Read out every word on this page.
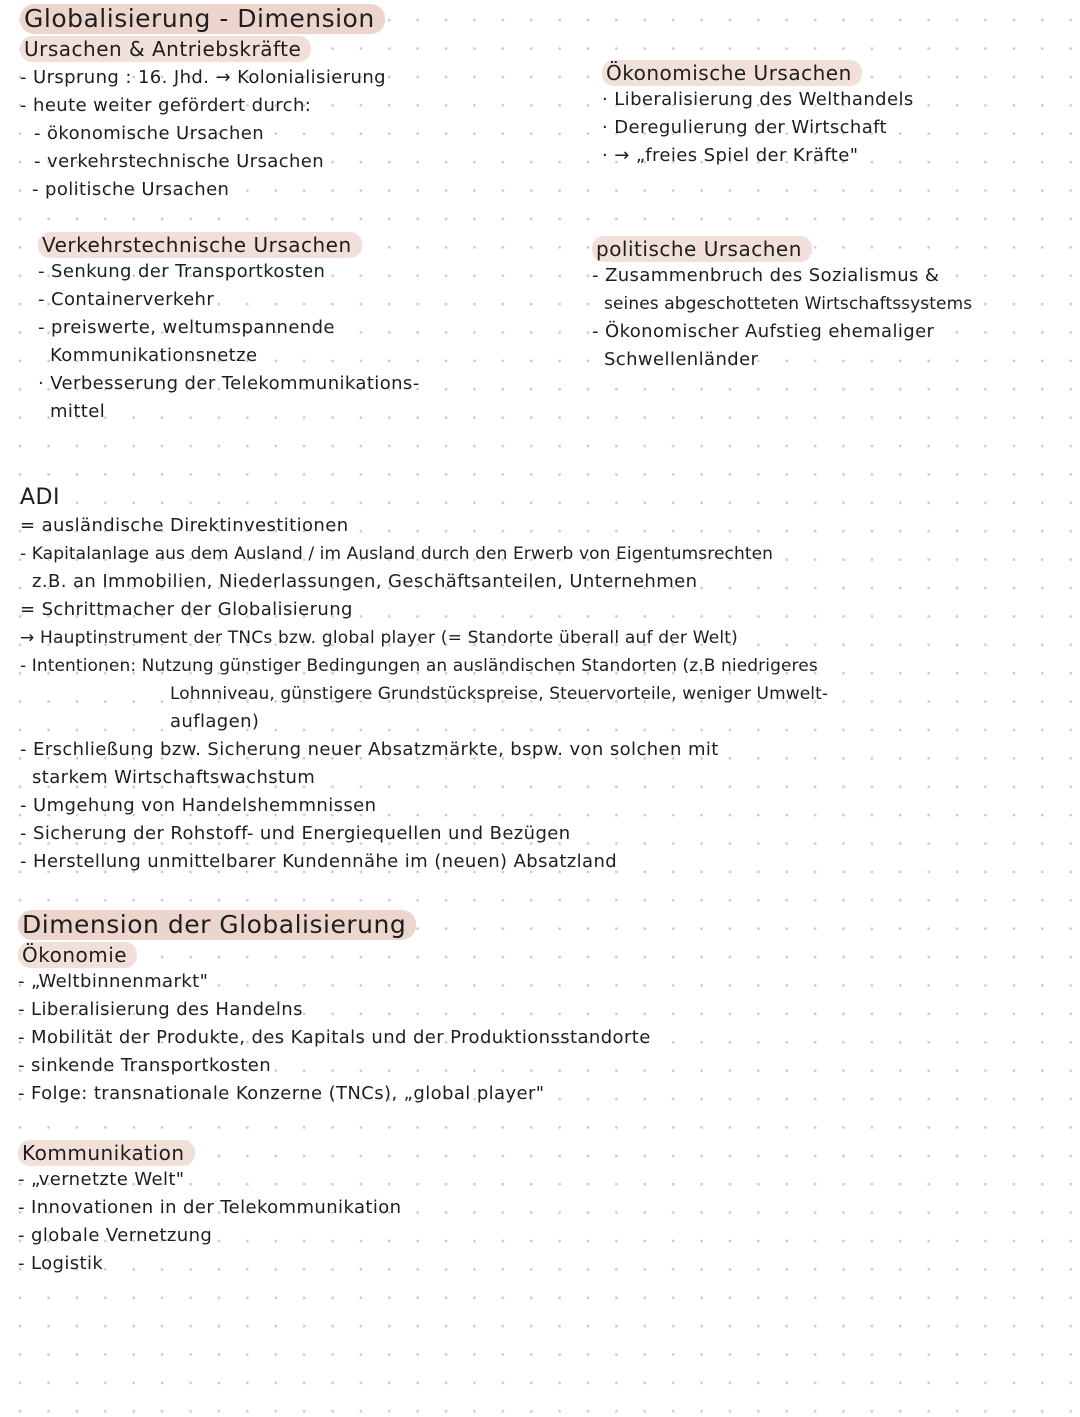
Globalisierung - Dimension
Ursachen & Antriebskräfte
- Ursprung : 16. Jhd. → Kolonialisierung
- heute weiter gefördert durch:
- ökonomische Ursachen
- verkehrstechnische Ursachen
- politische Ursachen
Ökonomische Ursachen
· Liberalisierung des Welthandels
· Deregulierung der Wirtschaft
· → „freies Spiel der Kräfte"
Verkehrstechnische Ursachen
- Senkung der Transportkosten
- Containerverkehr
- preiswerte, weltumspannende
Kommunikationsnetze
· Verbesserung der Telekommunikations-
mittel
politische Ursachen
- Zusammenbruch des Sozialismus &
seines abgeschotteten Wirtschaftssystems
- Ökonomischer Aufstieg ehemaliger
Schwellenländer
ADI
= ausländische Direktinvestitionen
- Kapitalanlage aus dem Ausland / im Ausland durch den Erwerb von Eigentumsrechten
z.B. an Immobilien, Niederlassungen, Geschäftsanteilen, Unternehmen
= Schrittmacher der Globalisierung
→ Hauptinstrument der TNCs bzw. global player (= Standorte überall auf der Welt)
- Intentionen: Nutzung günstiger Bedingungen an ausländischen Standorten (z.B niedrigeres
Lohnniveau, günstigere Grundstückspreise, Steuervorteile, weniger Umwelt-
auflagen)
- Erschließung bzw. Sicherung neuer Absatzmärkte, bspw. von solchen mit
starkem Wirtschaftswachstum
- Umgehung von Handelshemmnissen
- Sicherung der Rohstoff- und Energiequellen und Bezügen
- Herstellung unmittelbarer Kundennähe im (neuen) Absatzland
Dimension der Globalisierung
Ökonomie
- „Weltbinnenmarkt"
- Liberalisierung des Handelns
- Mobilität der Produkte, des Kapitals und der Produktionsstandorte
- sinkende Transportkosten
- Folge: transnationale Konzerne (TNCs), „global player"
Kommunikation
- „vernetzte Welt"
- Innovationen in der Telekommunikation
- globale Vernetzung
- Logistik
